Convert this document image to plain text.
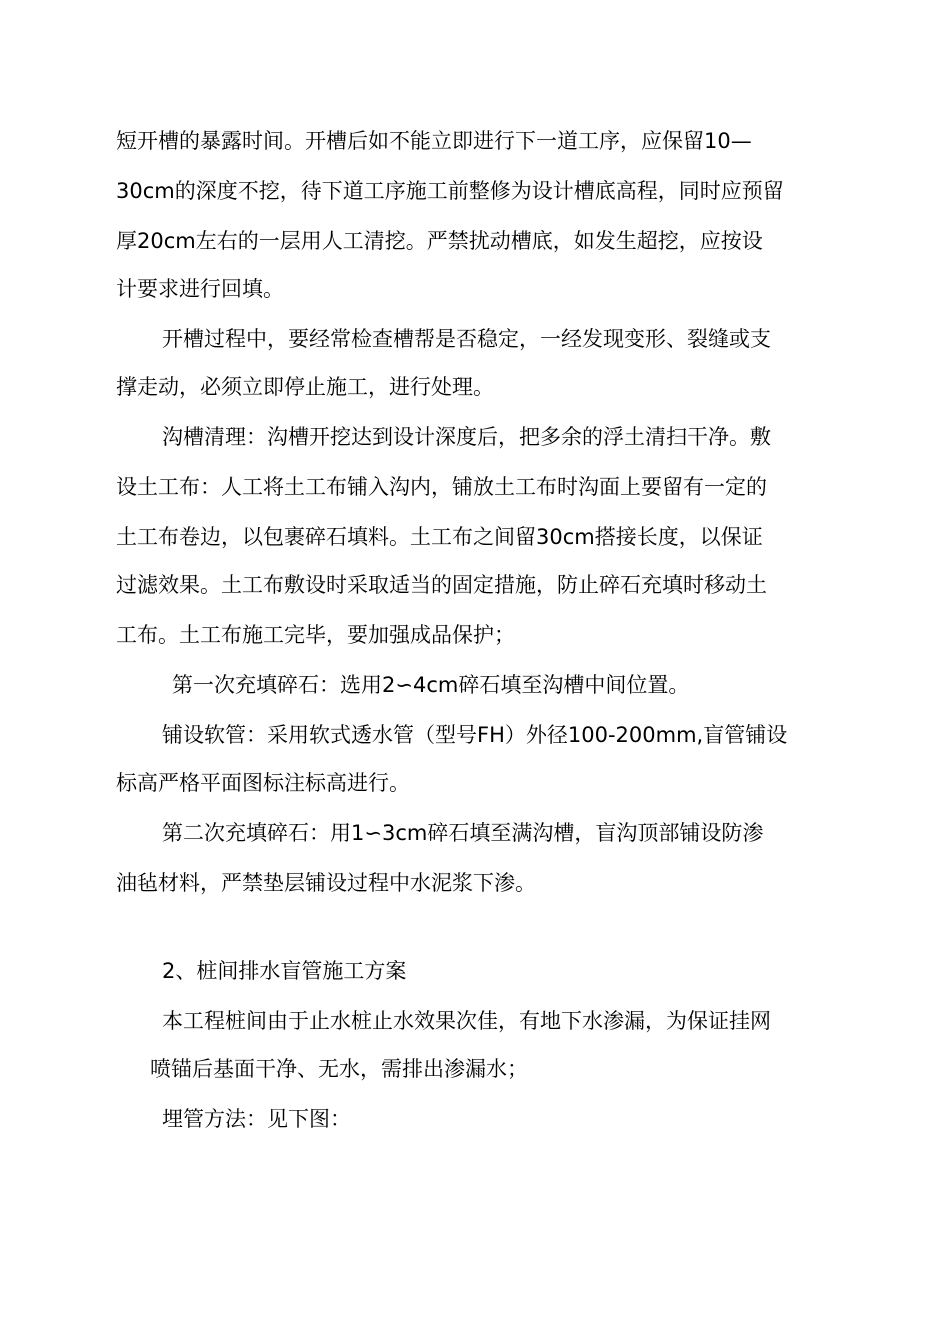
短开槽的暴露时间。开槽后如不能立即进行下一道工序，应保留10—
30cm的深度不挖，待下道工序施工前整修为设计槽底高程，同时应预留
厚20cm左右的一层用人工清挖。严禁扰动槽底，如发生超挖，应按设
计要求进行回填。
开槽过程中，要经常检查槽帮是否稳定，一经发现变形、裂缝或支
撑走动，必须立即停止施工，进行处理。
沟槽清理：沟槽开挖达到设计深度后，把多余的浮土清扫干净。敷
设土工布：人工将土工布铺入沟内，铺放土工布时沟面上要留有一定的
土工布卷边，以包裹碎石填料。土工布之间留30cm搭接长度，以保证
过滤效果。土工布敷设时采取适当的固定措施，防止碎石充填时移动土
工布。土工布施工完毕，要加强成品保护；
第一次充填碎石：选用2∽4cm碎石填至沟槽中间位置。
铺设软管：采用软式透水管（型号FH）外径100-200mm,盲管铺设
标高严格平面图标注标高进行。
第二次充填碎石：用1∽3cm碎石填至满沟槽，盲沟顶部铺设防渗
油毡材料，严禁垫层铺设过程中水泥浆下渗。
2、桩间排水盲管施工方案
本工程桩间由于止水桩止水效果次佳，有地下水渗漏，为保证挂网
喷锚后基面干净、无水，需排出渗漏水；
埋管方法：见下图：
